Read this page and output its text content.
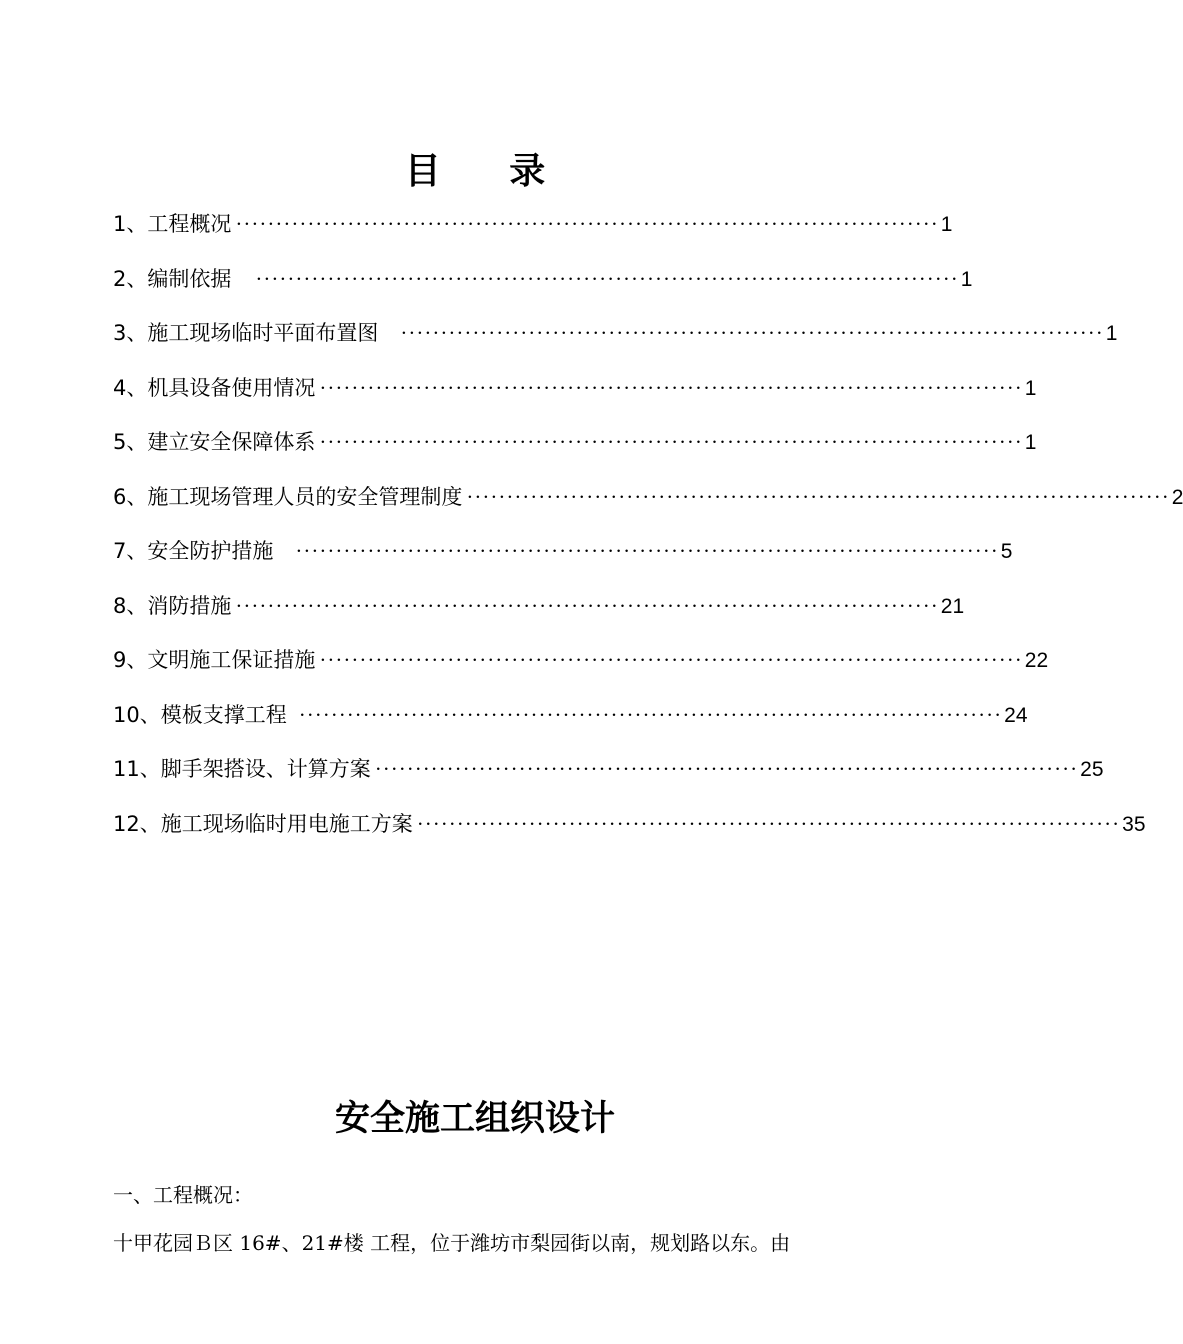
目 录
1、工程概况 ························································································ 1
2、编制依据 ························································································ 1
3、施工现场临时平面布置图 ························································································ 1
4、机具设备使用情况 ························································································ 1
5、建立安全保障体系 ························································································ 1
6、施工现场管理人员的安全管理制度 ························································································ 2
7、安全防护措施 ························································································ 5
8、消防措施 ························································································ 21
9、文明施工保证措施 ························································································ 22
10、模板支撑工程 ························································································ 24
11、脚手架搭设、计算方案 ························································································ 25
12、施工现场临时用电施工方案 ························································································ 35
安全施工组织设计
一、工程概况：
十甲花园Ｂ区 16#、21#楼 工程，位于潍坊市梨园街以南，规划路以东。由
